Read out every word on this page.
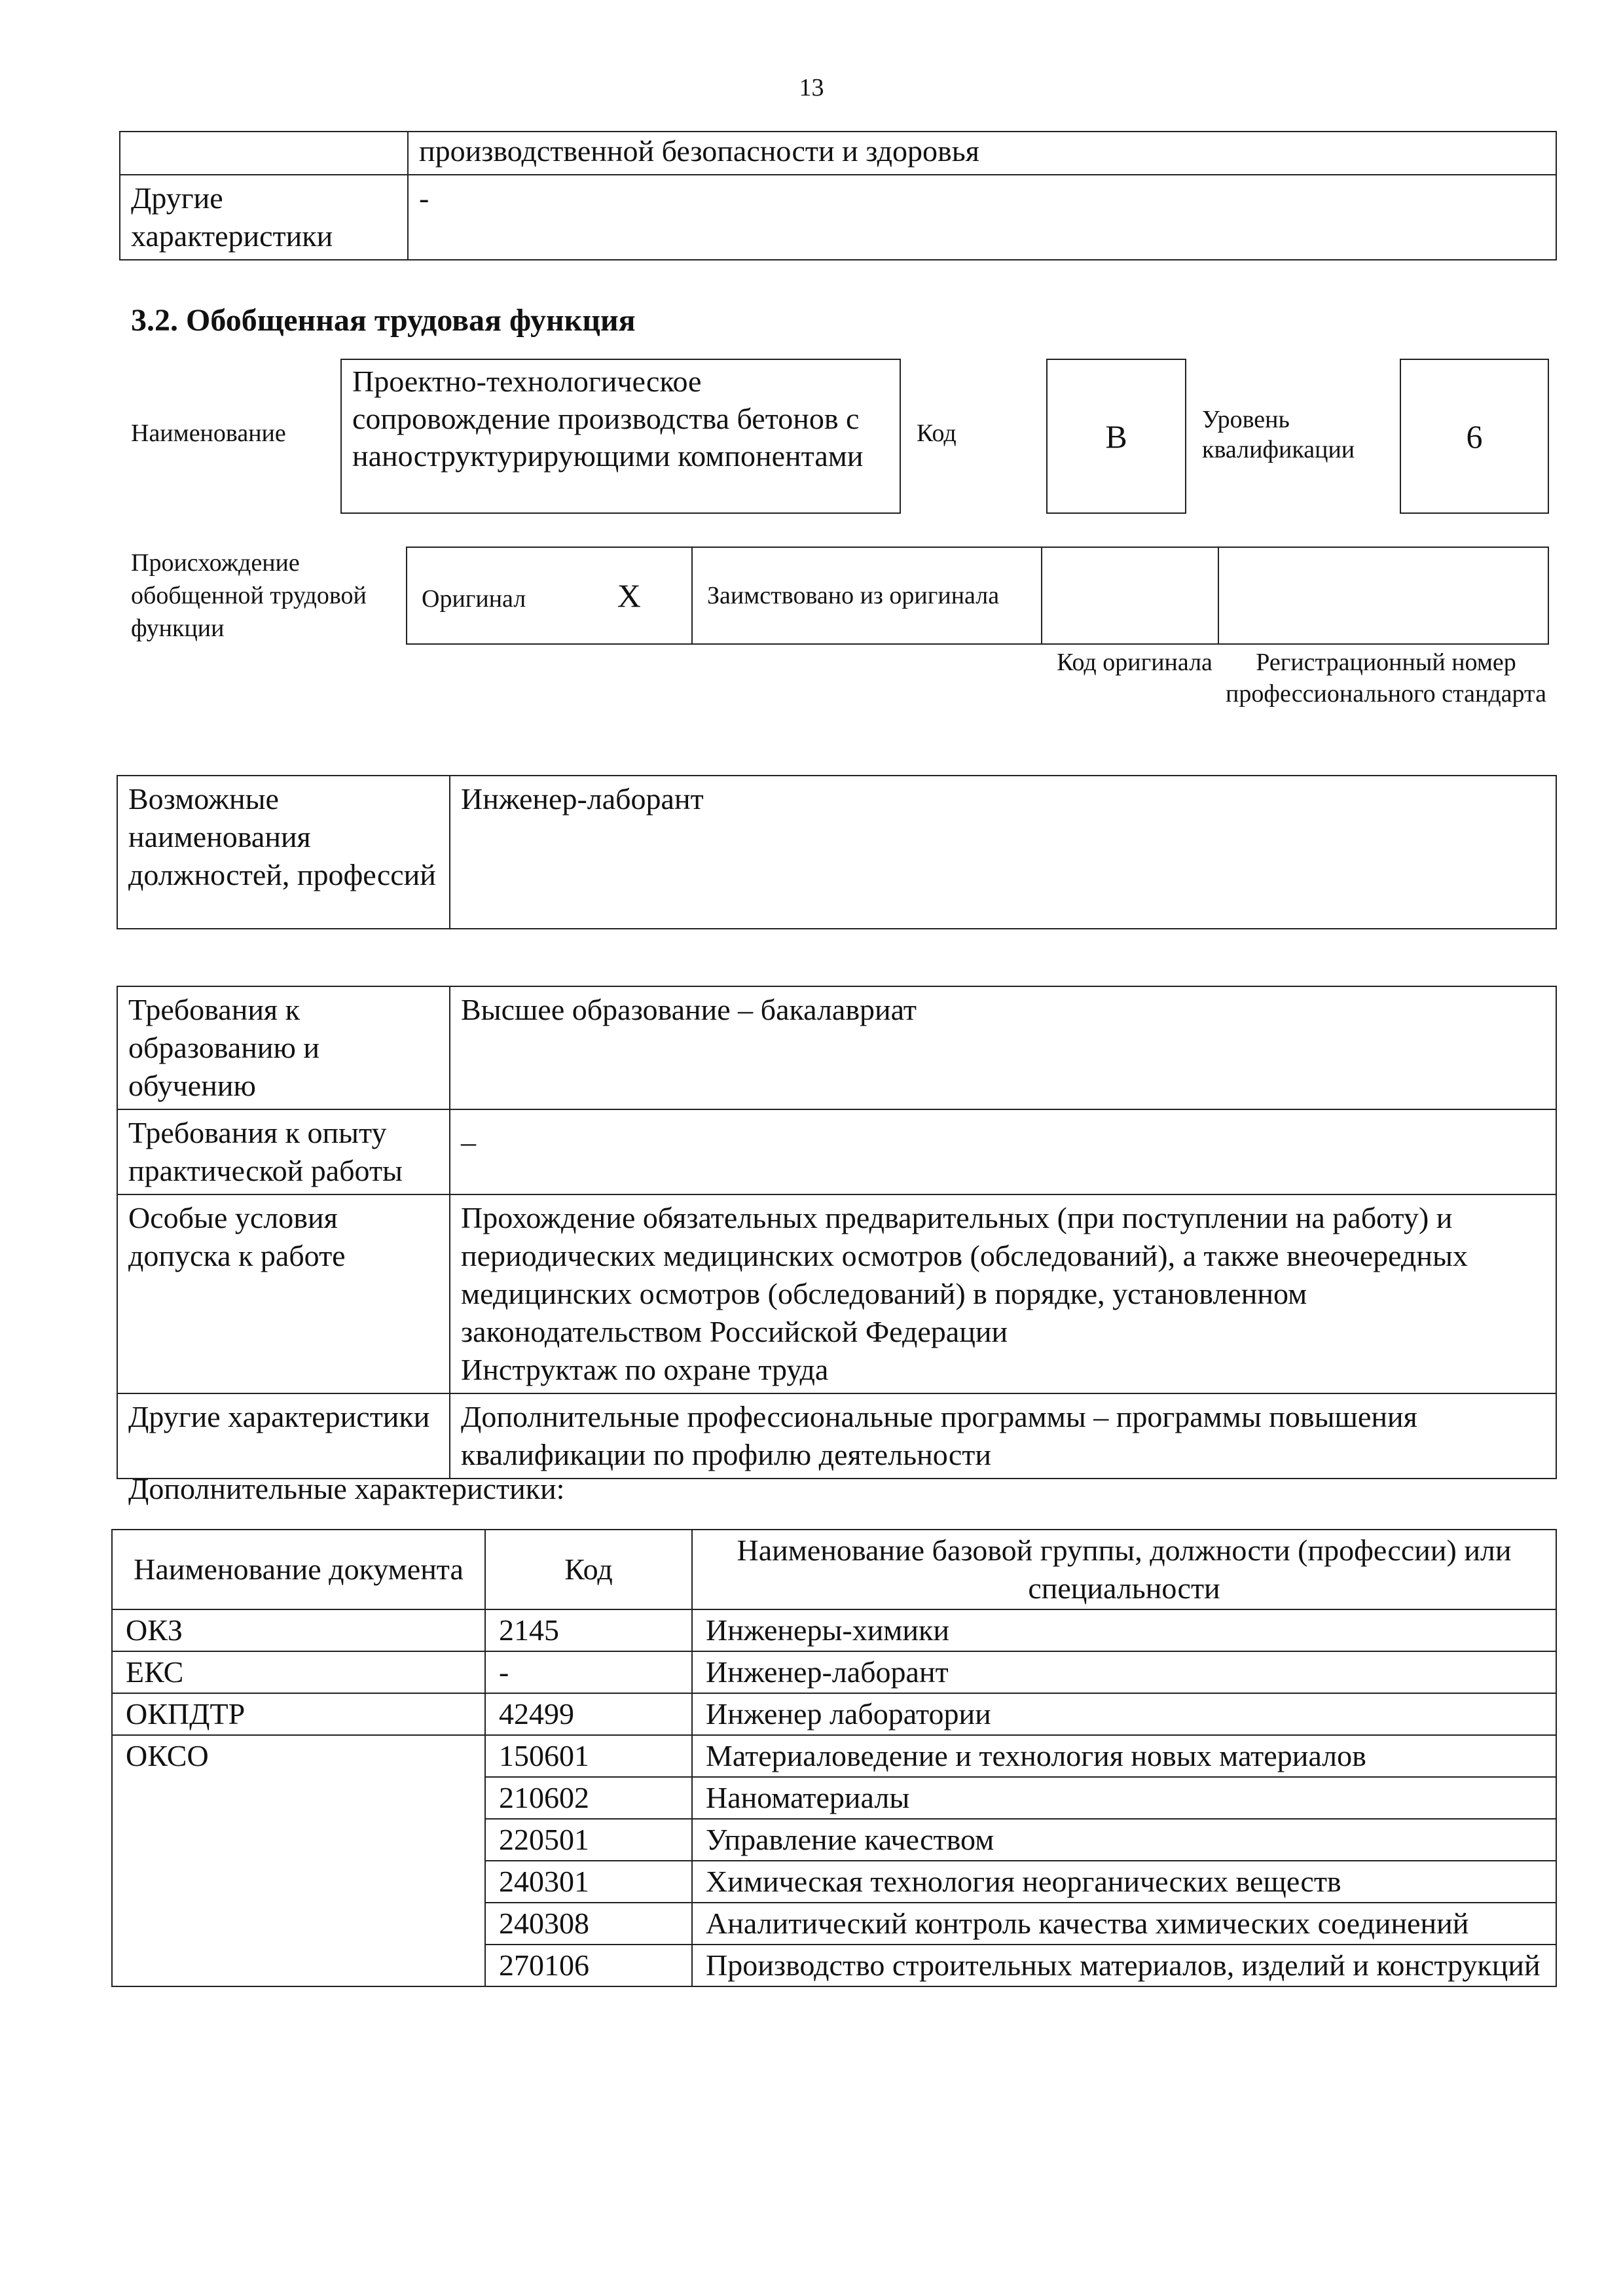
13
	производственной безопасности и здоровья
Другие характеристики	-
3.2. Обобщенная трудовая функция
Наименование
Проектно-технологическое сопровождение производства бетонов с наноструктурирующими компонентами
Код	B	Уровень квалификации	6
Происхождение обобщенной трудовой функции
Оригинал	X	Заимствовано из оригинала		
Код оригинала	Регистрационный номер профессионального стандарта
Возможные наименования должностей, профессий	Инженер-лаборант
Требования к образованию и обучению	Высшее образование – бакалавриат
Требования к опыту практической работы	–
Особые условия допуска к работе	Прохождение обязательных предварительных (при поступлении на работу) и периодических медицинских осмотров (обследований), а также внеочередных медицинских осмотров (обследований) в порядке, установленном законодательством Российской Федерации
Инструктаж по охране труда

Другие характеристики	Дополнительные профессиональные программы – программы повышения квалификации по профилю деятельности
Дополнительные характеристики:
Наименование документа	Код	Наименование базовой группы, должности (профессии) или специальности
ОКЗ	2145	Инженеры-химики
ЕКС	-	Инженер-лаборант
ОКПДТР	42499	Инженер лаборатории
ОКСО	150601	Материаловедение и технология новых материалов
	210602	Наноматериалы
	220501	Управление качеством
	240301	Химическая технология неорганических веществ
	240308	Аналитический контроль качества химических соединений
	270106	Производство строительных материалов, изделий и конструкций
